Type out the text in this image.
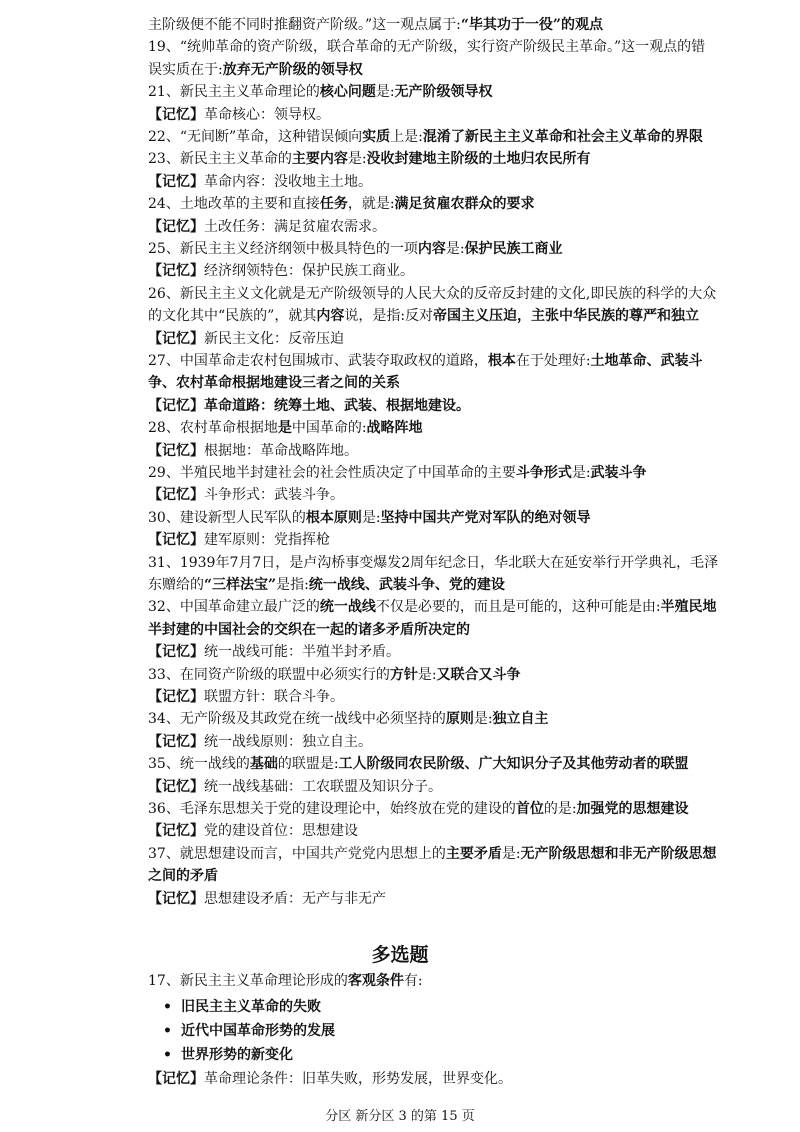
主阶级便不能不同时推翻资产阶级。”这一观点属于:“毕其功于一役”的观点
19、“统帅革命的资产阶级，联合革命的无产阶级，实行资产阶级民主革命。”这一观点的错
误实质在于:放弃无产阶级的领导权
21、新民主主义革命理论的核心问题是:无产阶级领导权
【记忆】革命核心：领导权。
22、“无间断”革命，这种错误倾向实质上是:混淆了新民主主义革命和社会主义革命的界限
23、新民主主义革命的主要内容是:没收封建地主阶级的土地归农民所有
【记忆】革命内容：没收地主土地。
24、土地改革的主要和直接任务，就是:满足贫雇农群众的要求
【记忆】土改任务：满足贫雇农需求。
25、新民主主义经济纲领中极具特色的一项内容是:保护民族工商业
【记忆】经济纲领特色：保护民族工商业。
26、新民主主义文化就是无产阶级领导的人民大众的反帝反封建的文化,即民族的科学的大众
的文化其中“民族的”，就其内容说，是指:反对帝国主义压迫，主张中华民族的尊严和独立
【记忆】新民主文化：反帝压迫
27、中国革命走农村包围城市、武装夺取政权的道路，根本在于处理好:土地革命、武装斗
争、农村革命根据地建设三者之间的关系
【记忆】革命道路：统筹土地、武装、根据地建设。
28、农村革命根据地是中国革命的:战略阵地
【记忆】根据地：革命战略阵地。
29、半殖民地半封建社会的社会性质决定了中国革命的主要斗争形式是:武装斗争
【记忆】斗争形式：武装斗争。
30、建设新型人民军队的根本原则是:坚持中国共产党对军队的绝对领导
【记忆】建军原则：党指挥枪
31、1939年7月7日，是卢沟桥事变爆发2周年纪念日，华北联大在延安举行开学典礼，毛泽
东赠给的“三样法宝”是指:统一战线、武装斗争、党的建设
32、中国革命建立最广泛的统一战线不仅是必要的，而且是可能的，这种可能是由:半殖民地
半封建的中国社会的交织在一起的诸多矛盾所决定的
【记忆】统一战线可能：半殖半封矛盾。
33、在同资产阶级的联盟中必须实行的方针是:又联合又斗争
【记忆】联盟方针：联合斗争。
34、无产阶级及其政党在统一战线中必须坚持的原则是:独立自主
【记忆】统一战线原则：独立自主。
35、统一战线的基础的联盟是:工人阶级同农民阶级、广大知识分子及其他劳动者的联盟
【记忆】统一战线基础：工农联盟及知识分子。
36、毛泽东思想关于党的建设理论中，始终放在党的建设的首位的是:加强党的思想建设
【记忆】党的建设首位：思想建设
37、就思想建设而言，中国共产党党内思想上的主要矛盾是:无产阶级思想和非无产阶级思想
之间的矛盾
【记忆】思想建设矛盾：无产与非无产
多选题
17、新民主主义革命理论形成的客观条件有:
• 旧民主主义革命的失败
• 近代中国革命形势的发展
• 世界形势的新变化
【记忆】革命理论条件：旧革失败，形势发展，世界变化。
分区 新分区 3 的第 15 页
